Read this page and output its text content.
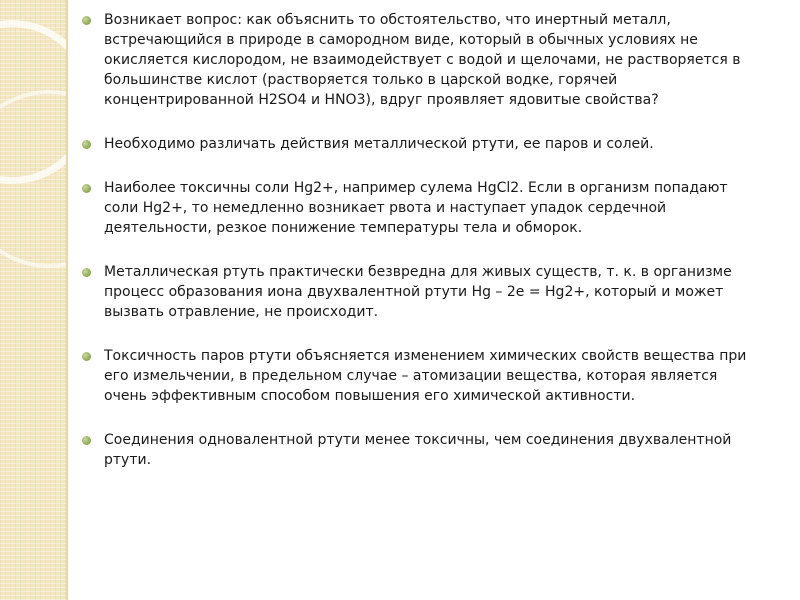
Возникает вопрос: как объяснить то обстоятельство, что инертный металл, встречающийся в природе в самородном виде, который в обычных условиях не окисляется кислородом, не взаимодействует с водой и щелочами, не растворяется в большинстве кислот (растворяется только в царской водке, горячей концентрированной H2SO4 и HNO3), вдруг проявляет ядовитые свойства?
Необходимо различать действия металлической ртути, ее паров и солей.
Наиболее токсичны соли Hg2+, например сулема HgCl2. Если в организм попадают соли Hg2+, то немедленно возникает рвота и наступает упадок сердечной деятельности, резкое понижение температуры тела и обморок.
Металлическая ртуть практически безвредна для живых существ, т. к. в организме процесс образования иона двухвалентной ртути Hg – 2e = Hg2+, который и может вызвать отравление, не происходит.
Токсичность паров ртути объясняется изменением химических свойств вещества при его измельчении, в предельном случае – атомизации вещества, которая является очень эффективным способом повышения его химической активности.
Соединения одновалентной ртути менее токсичны, чем соединения двухвалентной ртути.
